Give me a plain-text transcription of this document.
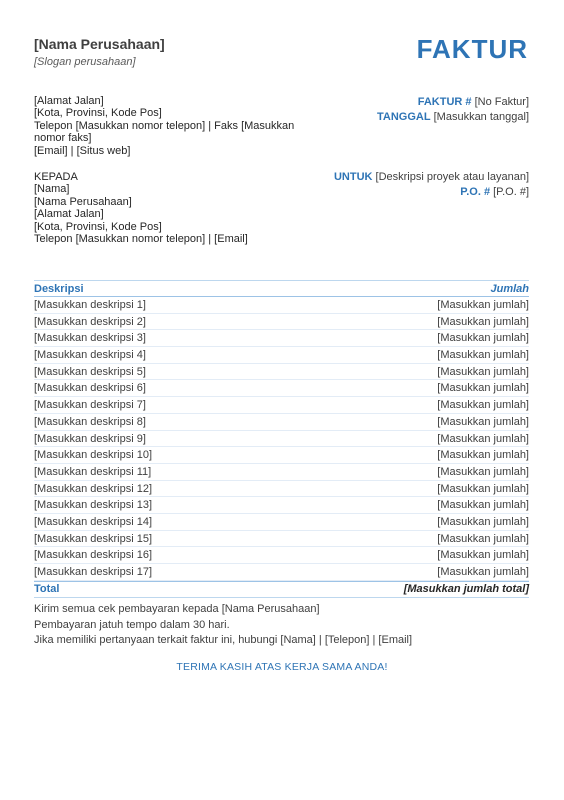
[Nama Perusahaan]
[Slogan perusahaan]	FAKTUR
[Alamat Jalan]
[Kota, Provinsi, Kode Pos]
Telepon [Masukkan nomor telepon] | Faks [Masukkan nomor faks]
[Email] | [Situs web]
FAKTUR # [No Faktur]
TANGGAL [Masukkan tanggal]
KEPADA
[Nama]
[Nama Perusahaan]
[Alamat Jalan]
[Kota, Provinsi, Kode Pos]
Telepon [Masukkan nomor telepon] | [Email]
UNTUK [Deskripsi proyek atau layanan]
P.O. # [P.O. #]
Deskripsi	Jumlah
[Masukkan deskripsi 1]	[Masukkan jumlah]
[Masukkan deskripsi 2]	[Masukkan jumlah]
[Masukkan deskripsi 3]	[Masukkan jumlah]
[Masukkan deskripsi 4]	[Masukkan jumlah]
[Masukkan deskripsi 5]	[Masukkan jumlah]
[Masukkan deskripsi 6]	[Masukkan jumlah]
[Masukkan deskripsi 7]	[Masukkan jumlah]
[Masukkan deskripsi 8]	[Masukkan jumlah]
[Masukkan deskripsi 9]	[Masukkan jumlah]
[Masukkan deskripsi 10]	[Masukkan jumlah]
[Masukkan deskripsi 11]	[Masukkan jumlah]
[Masukkan deskripsi 12]	[Masukkan jumlah]
[Masukkan deskripsi 13]	[Masukkan jumlah]
[Masukkan deskripsi 14]	[Masukkan jumlah]
[Masukkan deskripsi 15]	[Masukkan jumlah]
[Masukkan deskripsi 16]	[Masukkan jumlah]
[Masukkan deskripsi 17]	[Masukkan jumlah]
Total	[Masukkan jumlah total]
Kirim semua cek pembayaran kepada [Nama Perusahaan]
Pembayaran jatuh tempo dalam 30 hari.
Jika memiliki pertanyaan terkait faktur ini, hubungi [Nama] | [Telepon] | [Email]
TERIMA KASIH ATAS KERJA SAMA ANDA!
